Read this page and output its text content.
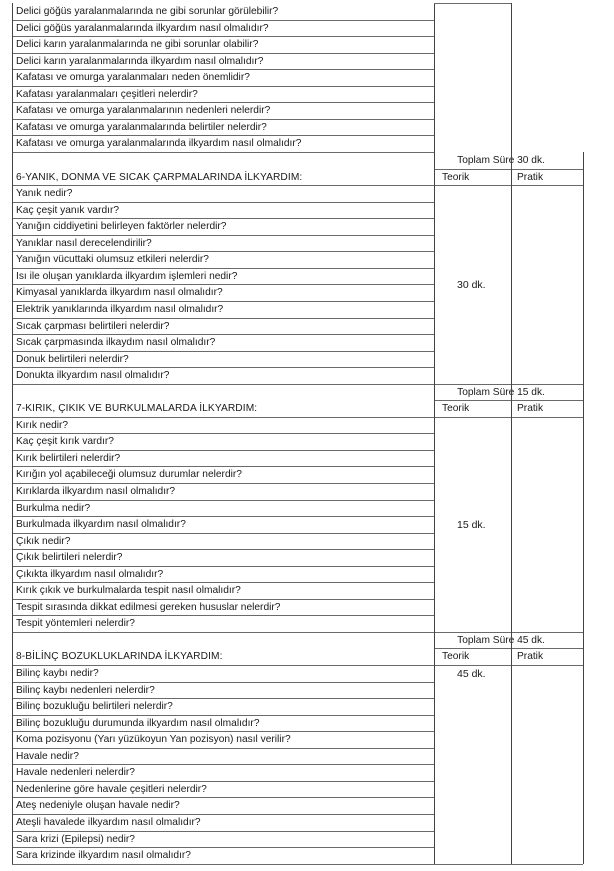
Delici göğüs yaralanmalarında ne gibi sorunlar görülebilir?
Delici göğüs yaralanmalarında ilkyardım nasıl olmalıdır?
Delici karın yaralanmalarında ne gibi sorunlar olabilir?
Delici karın yaralanmalarında ilkyardım nasıl olmalıdır?
Kafatası ve omurga yaralanmaları neden önemlidir?
Kafatası yaralanmaları çeşitleri nelerdir?
Kafatası ve omurga yaralanmalarının nedenleri nelerdir?
Kafatası ve omurga yaralanmalarında belirtiler nelerdir?
Kafatası ve omurga yaralanmalarında ilkyardım nasıl olmalıdır?
Toplam Süre 30 dk.
6-YANIK, DONMA VE SICAK ÇARPMALARINDA İLKYARDIM:	Teorik	Pratik
Yanık nedir?
Kaç çeşit yanık vardır?
Yanığın ciddiyetini belirleyen faktörler nelerdir?
Yanıklar nasıl derecelendirilir?
Yanığın vücuttaki olumsuz etkileri nelerdir?
Isı ile oluşan yanıklarda ilkyardım işlemleri nedir?
Kimyasal yanıklarda ilkyardım nasıl olmalıdır?
Elektrik yanıklarında ilkyardım nasıl olmalıdır?
Sıcak çarpması belirtileri nelerdir?
Sıcak çarpmasında ilkaydım nasıl olmalıdır?
Donuk belirtileri nelerdir?
Donukta ilkyardım nasıl olmalıdır?
30 dk.
Toplam Süre 15 dk.
7-KIRIK, ÇIKIK VE BURKULMALARDA İLKYARDIM:	Teorik	Pratik
Kırık nedir?
Kaç çeşit kırık vardır?
Kırık belirtileri nelerdir?
Kırığın yol açabileceği olumsuz durumlar nelerdir?
Kırıklarda ilkyardım nasıl olmalıdır?
Burkulma nedir?
Burkulmada ilkyardım nasıl olmalıdır?
Çıkık nedir?
Çıkık belirtileri nelerdir?
Çıkıkta ilkyardım nasıl olmalıdır?
Kırık çıkık ve burkulmalarda tespit nasıl olmalıdır?
Tespit sırasında dikkat edilmesi gereken hususlar nelerdir?
Tespit yöntemleri nelerdir?
15 dk.
Toplam Süre 45 dk.
8-BİLİNÇ BOZUKLUKLARINDA İLKYARDIM:	Teorik	Pratik
Bilinç kaybı nedir?
Bilinç kaybı nedenleri nelerdir?
Bilinç bozukluğu belirtileri nelerdir?
Bilinç bozukluğu durumunda ilkyardım nasıl olmalıdır?
Koma pozisyonu (Yarı yüzükoyun Yan pozisyon) nasıl verilir?
Havale nedir?
Havale nedenleri nelerdir?
Nedenlerine göre havale çeşitleri nelerdir?
Ateş nedeniyle oluşan havale nedir?
Ateşli havalede ilkyardım nasıl olmalıdır?
Sara krizi (Epilepsi) nedir?
Sara krizinde ilkyardım nasıl olmalıdır?
45 dk.
